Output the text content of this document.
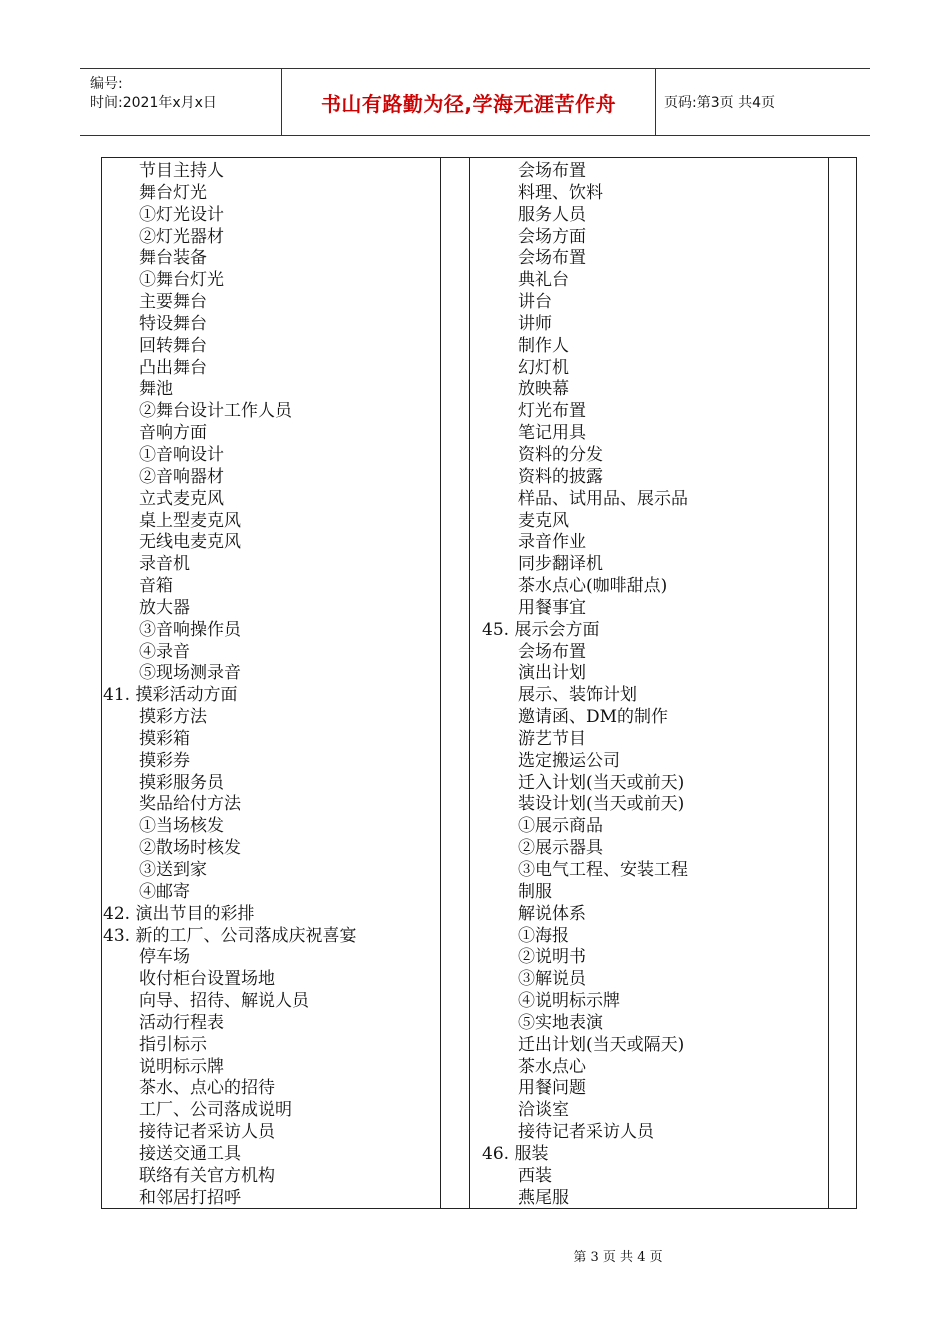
编号:
时间:2021年x月x日	书山有路勤为径,学海无涯苦作舟	页码:第3页 共4页
节目主持人
舞台灯光
①灯光设计
②灯光器材
舞台装备
①舞台灯光
主要舞台
特设舞台
回转舞台
凸出舞台
舞池
②舞台设计工作人员
音响方面
①音响设计
②音响器材
立式麦克风
桌上型麦克风
无线电麦克风
录音机
音箱
放大器
③音响操作员
④录音
⑤现场测录音
41. 摸彩活动方面
摸彩方法
摸彩箱
摸彩券
摸彩服务员
奖品给付方法
①当场核发
②散场时核发
③送到家
④邮寄
42. 演出节目的彩排
43. 新的工厂、公司落成庆祝喜宴
停车场
收付柜台设置场地
向导、招待、解说人员
活动行程表
指引标示
说明标示牌
茶水、点心的招待
工厂、公司落成说明
接待记者采访人员
接送交通工具
联络有关官方机构
和邻居打招呼
会场布置
料理、饮料
服务人员
会场方面
会场布置
典礼台
讲台
讲师
制作人
幻灯机
放映幕
灯光布置
笔记用具
资料的分发
资料的披露
样品、试用品、展示品
麦克风
录音作业
同步翻译机
茶水点心(咖啡甜点)
用餐事宜
45. 展示会方面
会场布置
演出计划
展示、装饰计划
邀请函、DM的制作
游艺节目
选定搬运公司
迁入计划(当天或前天)
装设计划(当天或前天)
①展示商品
②展示器具
③电气工程、安装工程
制服
解说体系
①海报
②说明书
③解说员
④说明标示牌
⑤实地表演
迁出计划(当天或隔天)
茶水点心
用餐问题
洽谈室
接待记者采访人员
46. 服装
西装
燕尾服
第 3 页 共 4 页
